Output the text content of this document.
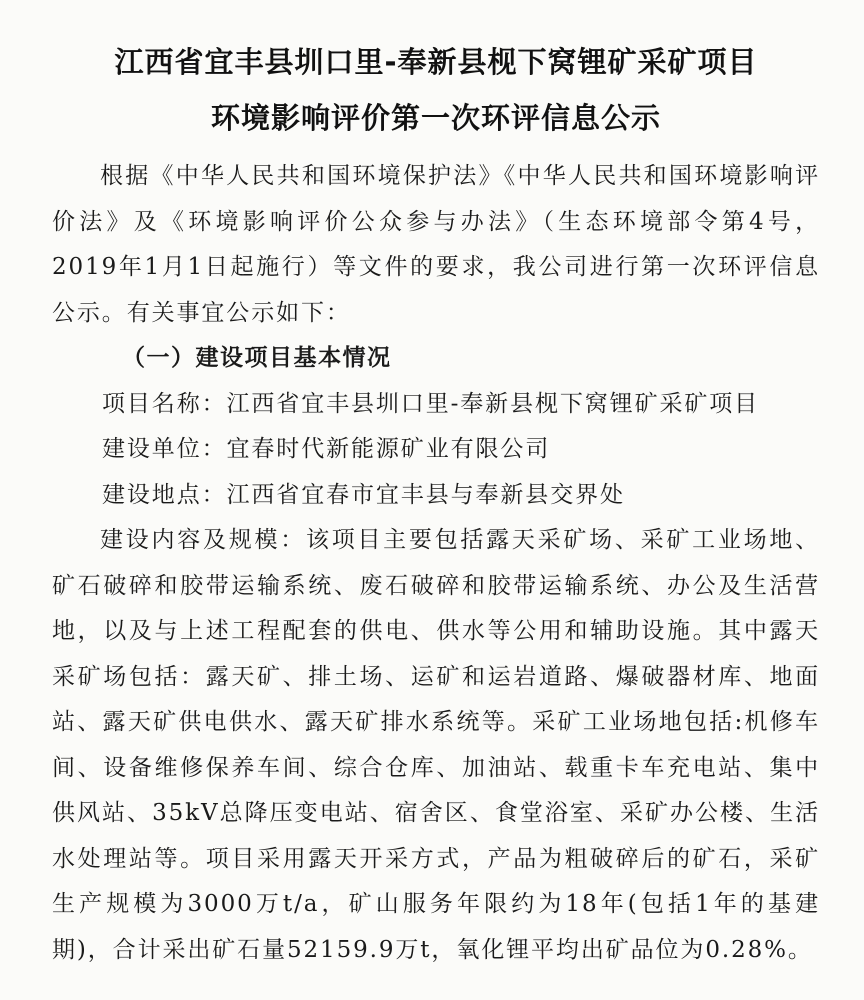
江西省宜丰县圳口里-奉新县枧下窝锂矿采矿项目
环境影响评价第一次环评信息公示

根据《中华人民共和国环境保护法》《中华人民共和国环境影响评价法》及《环境影响评价公众参与办法》（生态环境部令第4号，2019年1月1日起施行）等文件的要求，我公司进行第一次环评信息公示。有关事宜公示如下：

（一）建设项目基本情况
项目名称：江西省宜丰县圳口里-奉新县枧下窝锂矿采矿项目
建设单位：宜春时代新能源矿业有限公司
建设地点：江西省宜春市宜丰县与奉新县交界处

建设内容及规模：该项目主要包括露天采矿场、采矿工业场地、矿石破碎和胶带运输系统、废石破碎和胶带运输系统、办公及生活营地，以及与上述工程配套的供电、供水等公用和辅助设施。其中露天采矿场包括：露天矿、排土场、运矿和运岩道路、爆破器材库、地面站、露天矿供电供水、露天矿排水系统等。采矿工业场地包括:机修车间、设备维修保养车间、综合仓库、加油站、载重卡车充电站、集中供风站、35kV总降压变电站、宿舍区、食堂浴室、采矿办公楼、生活水处理站等。项目采用露天开采方式，产品为粗破碎后的矿石，采矿生产规模为3000万t/a，矿山服务年限约为18年(包括1年的基建期)，合计采出矿石量52159.9万t，氧化锂平均出矿品位为0.28%。
